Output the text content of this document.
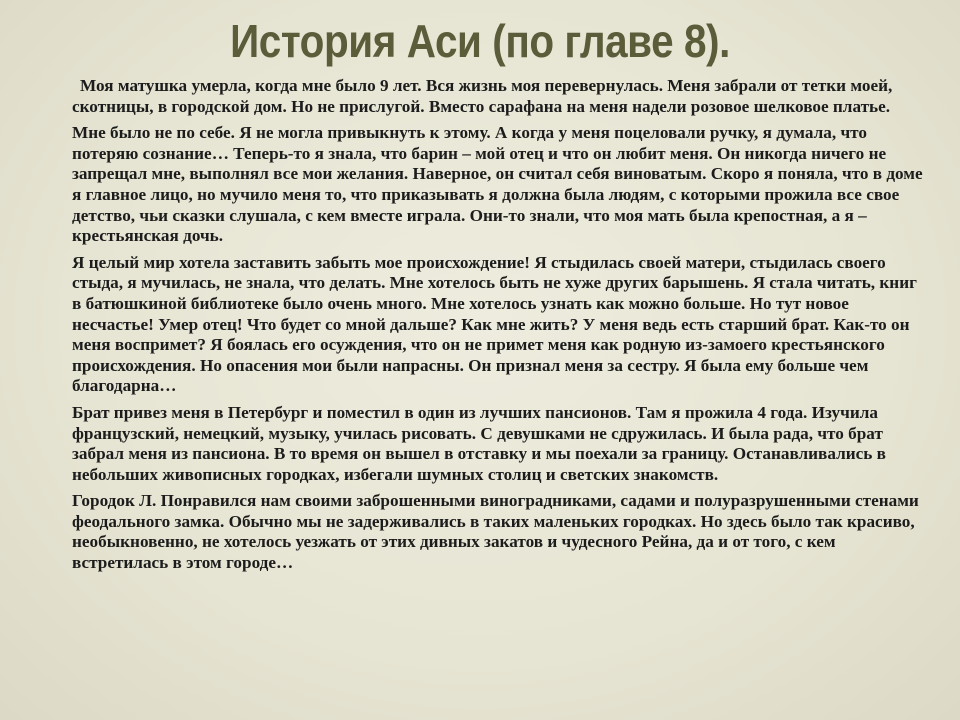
История Аси (по главе 8).

Моя матушка умерла, когда мне было 9 лет. Вся жизнь моя перевернулась. Меня забрали от тетки моей, скотницы, в городской дом. Но не прислугой. Вместо сарафана на меня надели розовое шелковое платье.

Мне было не по себе. Я не могла привыкнуть к этому. А когда у меня поцеловали ручку, я думала, что потеряю сознание… Теперь-то я знала, что барин – мой отец и что он любит меня. Он никогда ничего не запрещал мне, выполнял все мои желания. Наверное, он считал себя виноватым. Скоро я поняла, что в доме я главное лицо, но мучило меня то, что приказывать я должна была людям, с которыми прожила все свое детство, чьи сказки слушала, с кем вместе играла. Они-то знали, что моя мать была крепостная, а я – крестьянская дочь.

Я целый мир хотела заставить забыть мое происхождение! Я стыдилась своей матери, стыдилась своего стыда, я мучилась, не знала, что делать. Мне хотелось быть не хуже других барышень. Я стала читать, книг в батюшкиной библиотеке было очень много. Мне хотелось узнать как можно больше. Но тут новое несчастье! Умер отец! Что будет со мной дальше? Как мне жить? У меня ведь есть старший брат. Как-то он меня воспримет? Я боялась его осуждения, что он не примет меня как родную из-замоего крестьянского происхождения. Но опасения мои были напрасны. Он признал меня за сестру. Я была ему больше чем благодарна…

Брат привез меня в Петербург и поместил в один из лучших пансионов. Там я прожила 4 года. Изучила французский, немецкий, музыку, училась рисовать. С девушками не сдружилась. И была рада, что брат забрал меня из пансиона. В то время он вышел в отставку и мы поехали за границу. Останавливались в небольших живописных городках, избегали шумных столиц и светских знакомств.

Городок Л. Понравился нам своими заброшенными виноградниками, садами и полуразрушенными стенами феодального замка. Обычно мы не задерживались в таких маленьких городках. Но здесь было так красиво, необыкновенно, не хотелось уезжать от этих дивных закатов и чудесного Рейна, да и от того, с кем встретилась в этом городе…
